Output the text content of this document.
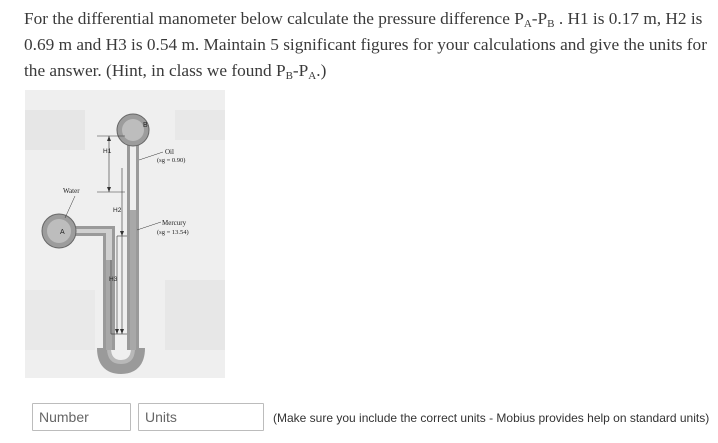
For the differential manometer below calculate the pressure difference $P_A-P_B$ . H1 is 0.17 m, H2 is 0.69 m and H3 is 0.54 m. Maintain 5 significant figures for your calculations and give the units for the answer. (Hint, in class we found $P_B-P_A$.)

B
A
H1
H2
H3
Water
Oil
(sg = 0.90)
Mercury
(sg = 13.54)
Number
Units
(Make sure you include the correct units - Mobius provides help on standard units)
